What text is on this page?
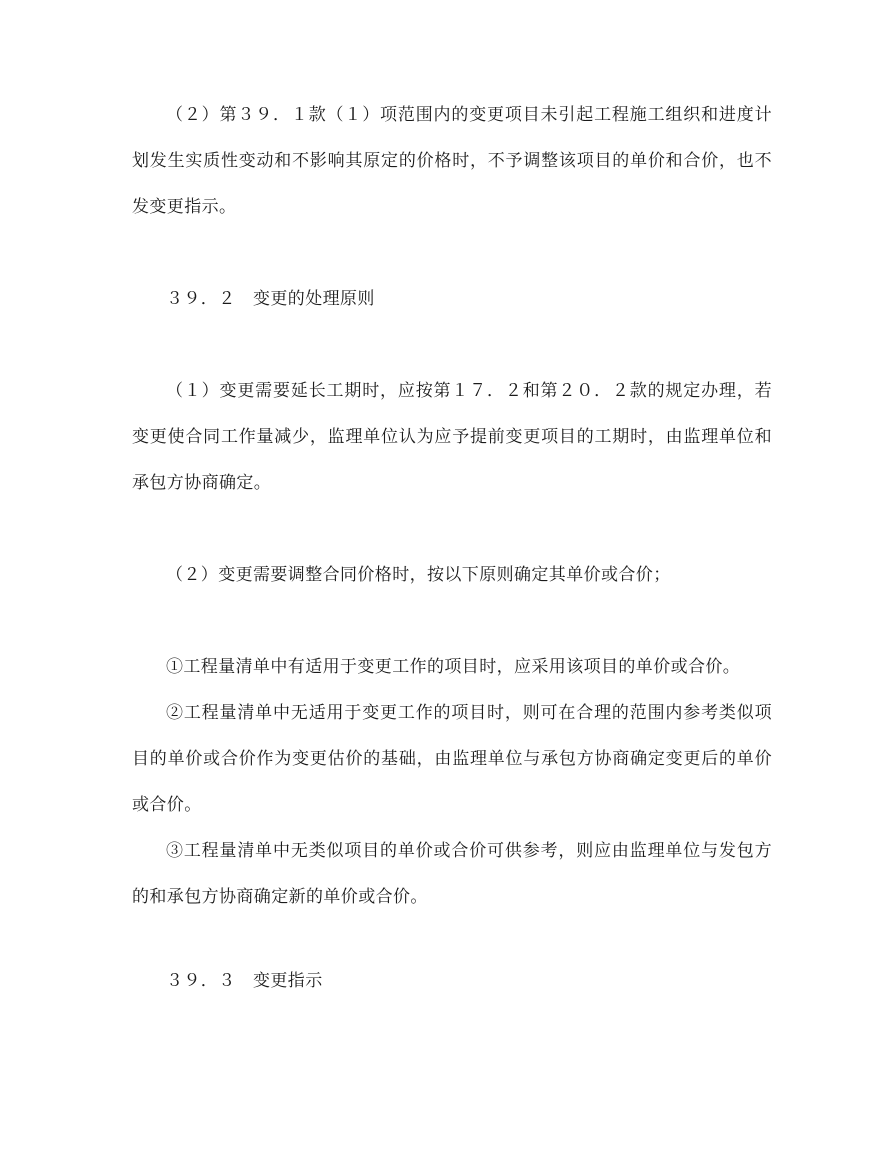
（２）第３９．１款（１）项范围内的变更项目未引起工程施工组织和进度计划发生实质性变动和不影响其原定的价格时，不予调整该项目的单价和合价，也不发变更指示。

３９．２　变更的处理原则

（１）变更需要延长工期时，应按第１７．２和第２０．２款的规定办理，若变更使合同工作量减少，监理单位认为应予提前变更项目的工期时，由监理单位和承包方协商确定。

（２）变更需要调整合同价格时，按以下原则确定其单价或合价；

①工程量清单中有适用于变更工作的项目时，应采用该项目的单价或合价。

②工程量清单中无适用于变更工作的项目时，则可在合理的范围内参考类似项目的单价或合价作为变更估价的基础，由监理单位与承包方协商确定变更后的单价或合价。

③工程量清单中无类似项目的单价或合价可供参考，则应由监理单位与发包方的和承包方协商确定新的单价或合价。

３９．３　变更指示
